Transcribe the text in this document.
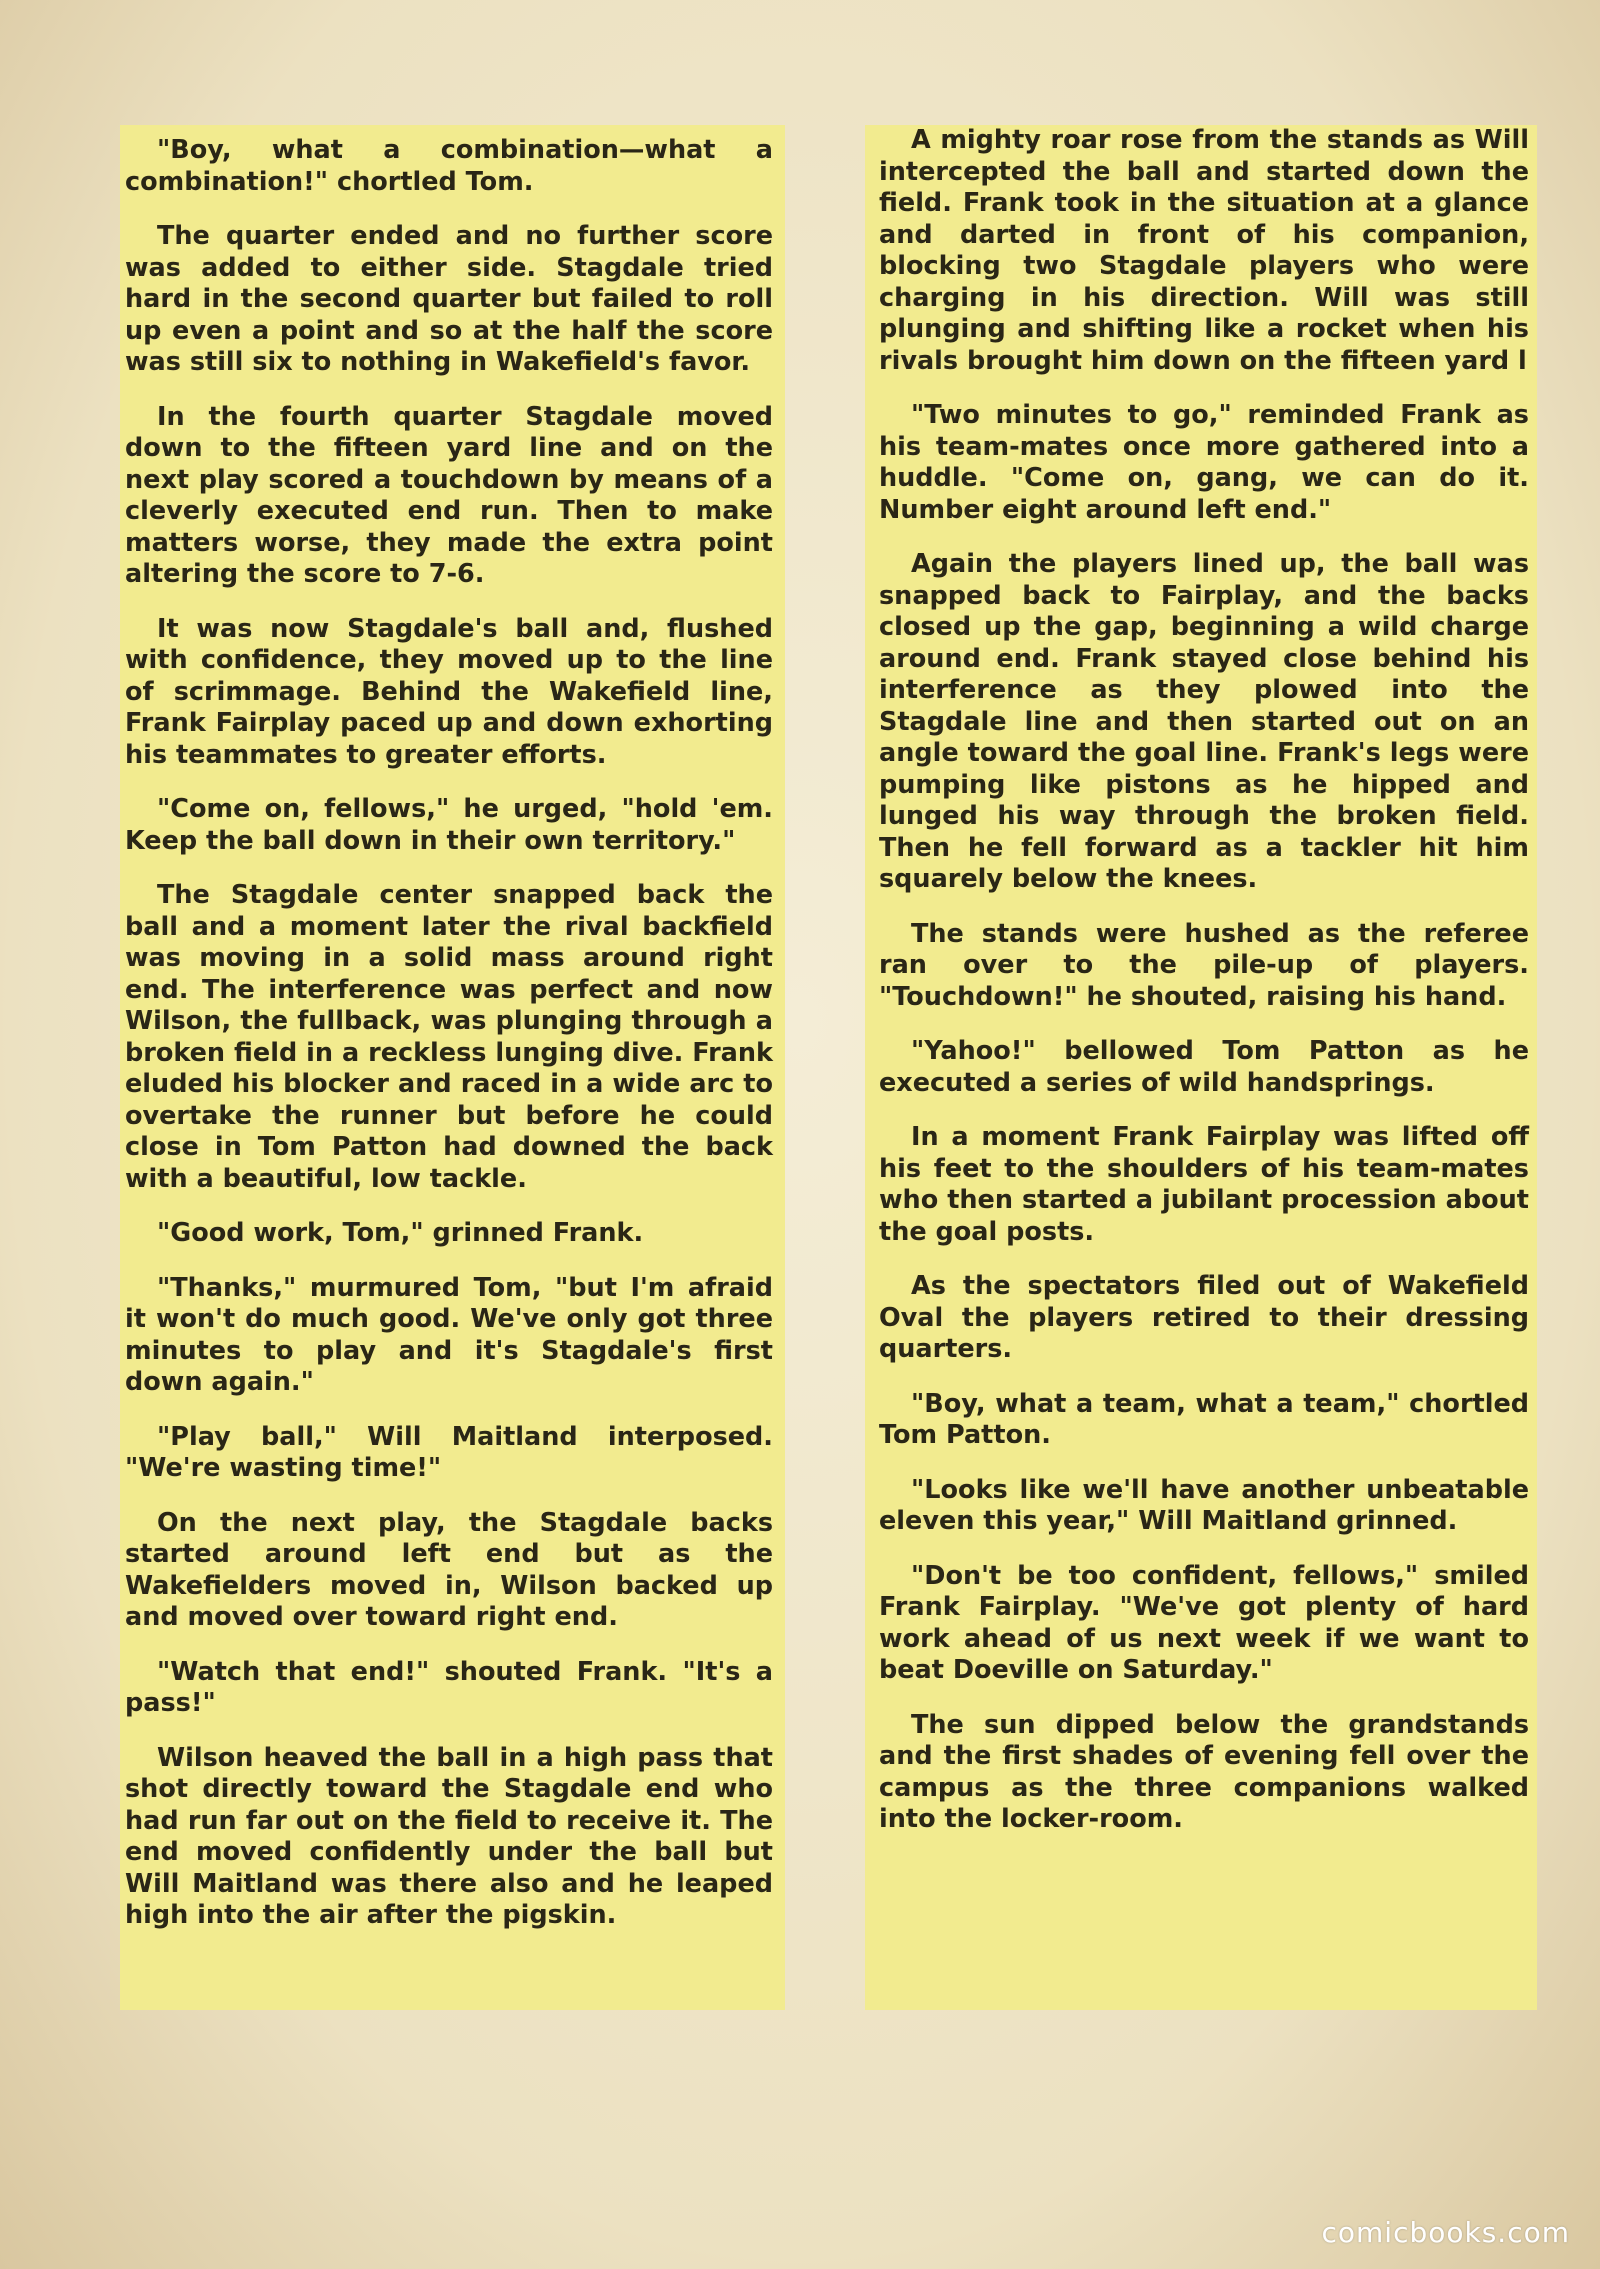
"Boy, what a combination—what a combination!" chortled Tom.

The quarter ended and no further score was added to either side. Stagdale tried hard in the second quarter but failed to roll up even a point and so at the half the score was still six to nothing in Wakefield's favor.

In the fourth quarter Stagdale moved down to the fifteen yard line and on the next play scored a touchdown by means of a cleverly executed end run. Then to make matters worse, they made the extra point altering the score to 7-6.

It was now Stagdale's ball and, flushed with confidence, they moved up to the line of scrimmage. Behind the Wakefield line, Frank Fairplay paced up and down exhorting his teammates to greater efforts.

"Come on, fellows," he urged, "hold 'em. Keep the ball down in their own territory."

The Stagdale center snapped back the ball and a moment later the rival backfield was moving in a solid mass around right end. The interference was perfect and now Wilson, the fullback, was plunging through a broken field in a reckless lunging dive. Frank eluded his blocker and raced in a wide arc to overtake the runner but before he could close in Tom Patton had downed the back with a beautiful, low tackle.

"Good work, Tom," grinned Frank.

"Thanks," murmured Tom, "but I'm afraid it won't do much good. We've only got three minutes to play and it's Stagdale's first down again."

"Play ball," Will Maitland interposed. "We're wasting time!"

On the next play, the Stagdale backs started around left end but as the Wakefielders moved in, Wilson backed up and moved over toward right end.

"Watch that end!" shouted Frank. "It's a pass!"

Wilson heaved the ball in a high pass that shot directly toward the Stagdale end who had run far out on the field to receive it. The end moved confidently under the ball but Will Maitland was there also and he leaped high into the air after the pigskin.

A mighty roar rose from the stands as Will intercepted the ball and started down the field. Frank took in the situation at a glance and darted in front of his companion, blocking two Stagdale players who were charging in his direction. Will was still plunging and shifting like a rocket when his rivals brought him down on the fifteen yard l

"Two minutes to go," reminded Frank as his team-mates once more gathered into a huddle. "Come on, gang, we can do it. Number eight around left end."

Again the players lined up, the ball was snapped back to Fairplay, and the backs closed up the gap, beginning a wild charge around end. Frank stayed close behind his interference as they plowed into the Stagdale line and then started out on an angle toward the goal line. Frank's legs were pumping like pistons as he hipped and lunged his way through the broken field. Then he fell forward as a tackler hit him squarely below the knees.

The stands were hushed as the referee ran over to the pile-up of players. "Touchdown!" he shouted, raising his hand.

"Yahoo!" bellowed Tom Patton as he executed a series of wild handsprings.

In a moment Frank Fairplay was lifted off his feet to the shoulders of his team-mates who then started a jubilant procession about the goal posts.

As the spectators filed out of Wakefield Oval the players retired to their dressing quarters.

"Boy, what a team, what a team," chortled Tom Patton.

"Looks like we'll have another unbeatable eleven this year," Will Maitland grinned.

"Don't be too confident, fellows," smiled Frank Fairplay. "We've got plenty of hard work ahead of us next week if we want to beat Doeville on Saturday."

The sun dipped below the grandstands and the first shades of evening fell over the campus as the three companions walked into the locker-room.

comicbooks.com
